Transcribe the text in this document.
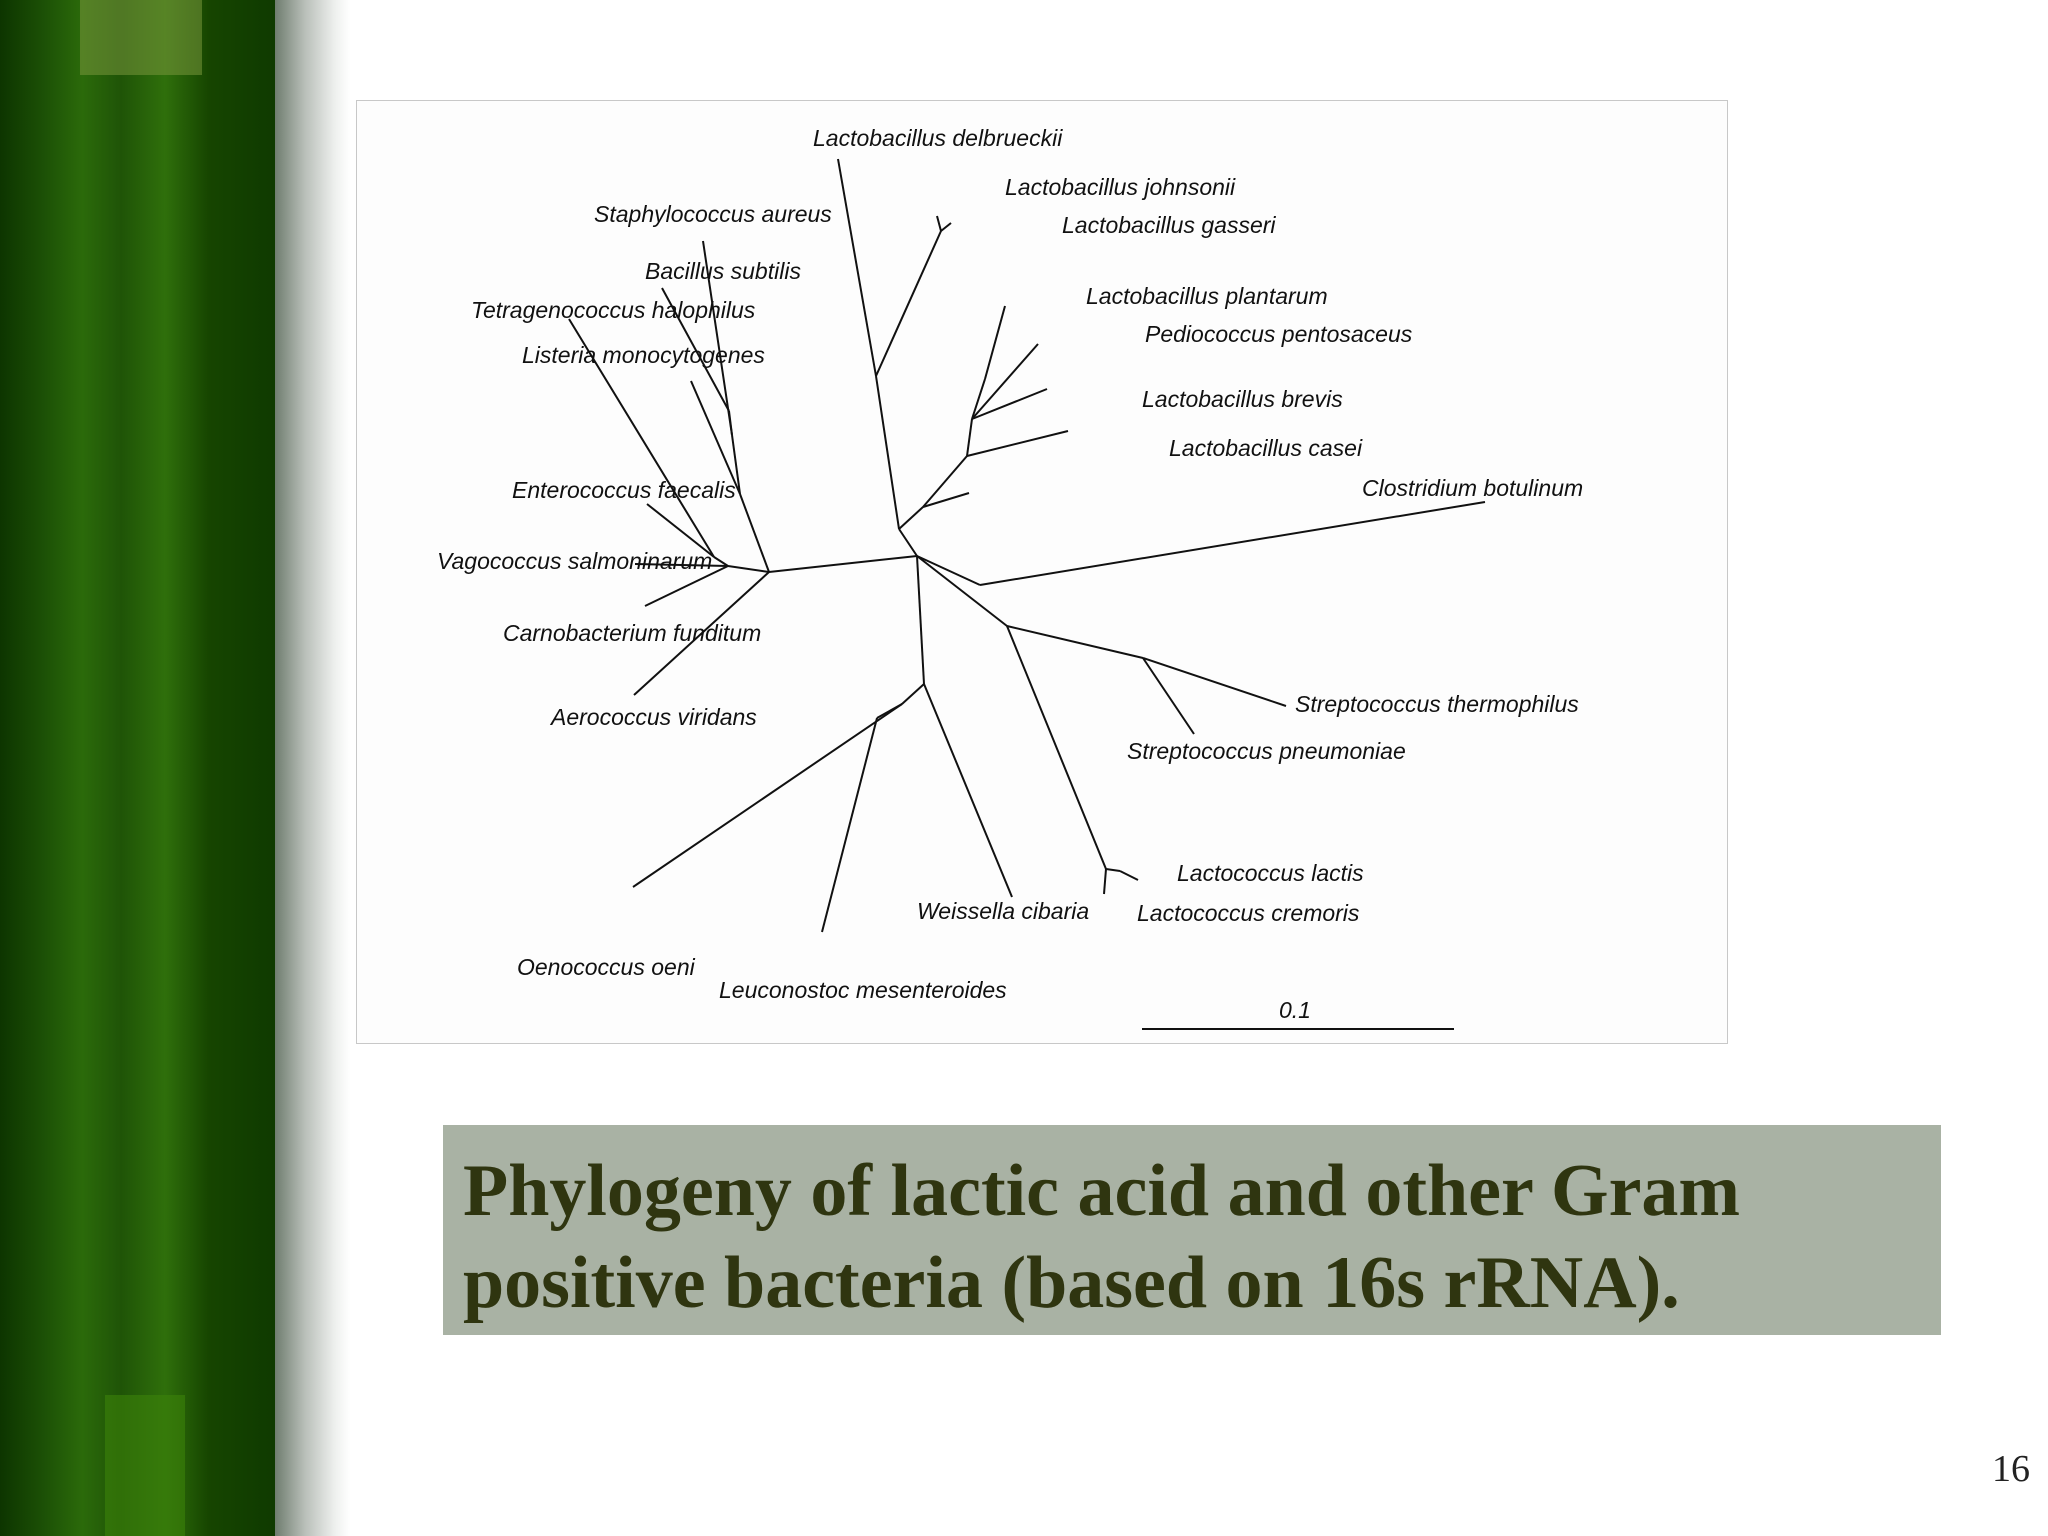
Lactobacillus delbrueckii
Lactobacillus johnsonii
Lactobacillus gasseri
Staphylococcus aureus
Bacillus subtilis
Tetragenococcus halophilus
Listeria monocytogenes
Lactobacillus plantarum
Pediococcus pentosaceus
Lactobacillus brevis
Lactobacillus casei
Enterococcus faecalis	Clostridium botulinum
Vagococcus salmoninarum
Carnobacterium funditum
Aerococcus viridans	Streptococcus thermophilus
Streptococcus pneumoniae
Lactococcus lactis
Weissella cibaria Lactococcus cremoris
Oenococcus oeni
Leuconostoc mesenteroides
0.1

Phylogeny of lactic acid and other Gram positive bacteria (based on 16s rRNA).

16
